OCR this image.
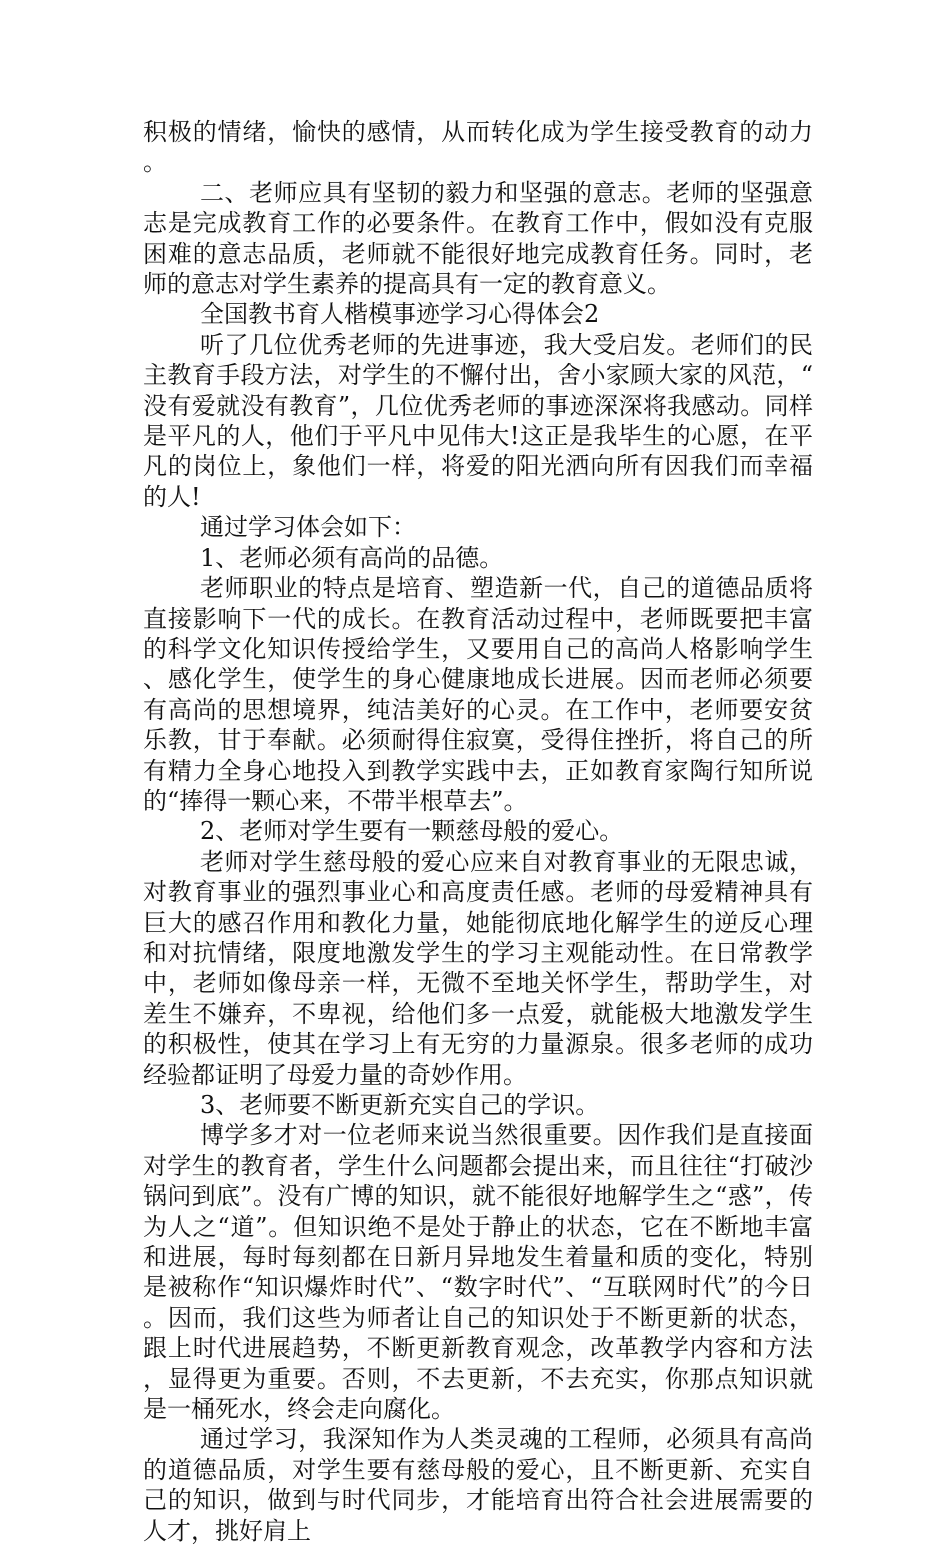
积极的情绪，愉快的感情，从而转化成为学生接受教育的动力。

二、老师应具有坚韧的毅力和坚强的意志。老师的坚强意志是完成教育工作的必要条件。在教育工作中，假如没有克服困难的意志品质，老师就不能很好地完成教育任务。同时，老师的意志对学生素养的提高具有一定的教育意义。

全国教书育人楷模事迹学习心得体会2

听了几位优秀老师的先进事迹，我大受启发。老师们的民主教育手段方法，对学生的不懈付出，舍小家顾大家的风范，“没有爱就没有教育”，几位优秀老师的事迹深深将我感动。同样是平凡的人，他们于平凡中见伟大!这正是我毕生的心愿，在平凡的岗位上，象他们一样，将爱的阳光洒向所有因我们而幸福的人!

通过学习体会如下：

1、老师必须有高尚的品德。

老师职业的特点是培育、塑造新一代，自己的道德品质将直接影响下一代的成长。在教育活动过程中，老师既要把丰富的科学文化知识传授给学生，又要用自己的高尚人格影响学生、感化学生，使学生的身心健康地成长进展。因而老师必须要有高尚的思想境界，纯洁美好的心灵。在工作中，老师要安贫乐教，甘于奉献。必须耐得住寂寞，受得住挫折，将自己的所有精力全身心地投入到教学实践中去，正如教育家陶行知所说的“捧得一颗心来，不带半根草去”。

2、老师对学生要有一颗慈母般的爱心。

老师对学生慈母般的爱心应来自对教育事业的无限忠诚，对教育事业的强烈事业心和高度责任感。老师的母爱精神具有巨大的感召作用和教化力量，她能彻底地化解学生的逆反心理和对抗情绪，限度地激发学生的学习主观能动性。在日常教学中，老师如像母亲一样，无微不至地关怀学生，帮助学生，对差生不嫌弃，不卑视，给他们多一点爱，就能极大地激发学生的积极性，使其在学习上有无穷的力量源泉。很多老师的成功经验都证明了母爱力量的奇妙作用。

3、老师要不断更新充实自己的学识。

博学多才对一位老师来说当然很重要。因作我们是直接面对学生的教育者，学生什么问题都会提出来，而且往往“打破沙锅问到底”。没有广博的知识，就不能很好地解学生之“惑”，传为人之“道”。但知识绝不是处于静止的状态，它在不断地丰富和进展，每时每刻都在日新月异地发生着量和质的变化，特别是被称作“知识爆炸时代”、“数字时代”、“互联网时代”的今日。因而，我们这些为师者让自己的知识处于不断更新的状态，跟上时代进展趋势，不断更新教育观念，改革教学内容和方法，显得更为重要。否则，不去更新，不去充实，你那点知识就是一桶死水，终会走向腐化。

通过学习，我深知作为人类灵魂的工程师，必须具有高尚的道德品质，对学生要有慈母般的爱心，且不断更新、充实自己的知识，做到与时代同步，才能培育出符合社会进展需要的人才，挑好肩上
